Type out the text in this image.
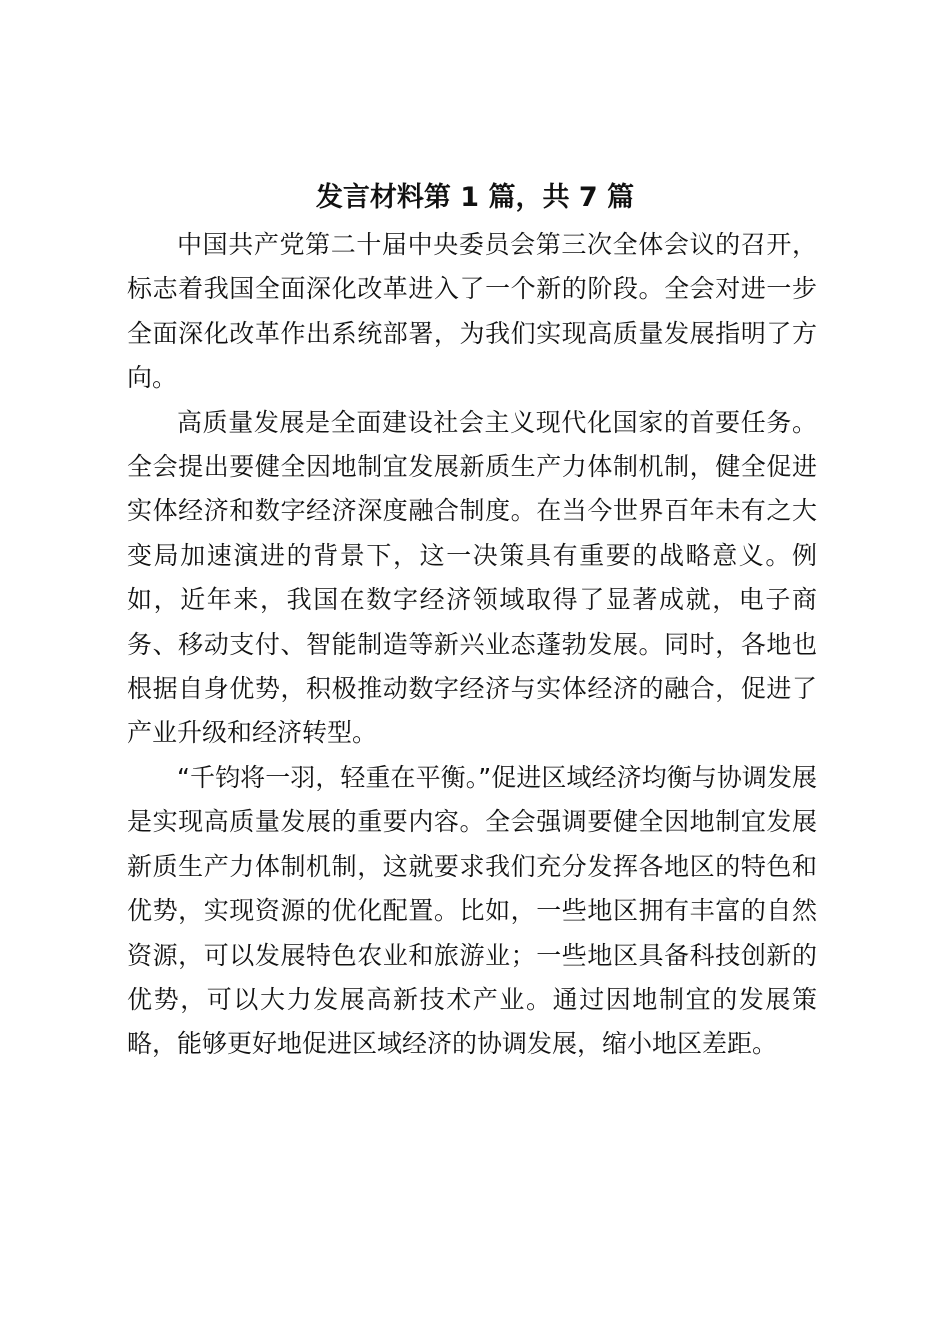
发言材料第 1 篇，共 7 篇

中国共产党第二十届中央委员会第三次全体会议的召开，标志着我国全面深化改革进入了一个新的阶段。全会对进一步全面深化改革作出系统部署，为我们实现高质量发展指明了方向。

高质量发展是全面建设社会主义现代化国家的首要任务。全会提出要健全因地制宜发展新质生产力体制机制，健全促进实体经济和数字经济深度融合制度。在当今世界百年未有之大变局加速演进的背景下，这一决策具有重要的战略意义。例如，近年来，我国在数字经济领域取得了显著成就，电子商务、移动支付、智能制造等新兴业态蓬勃发展。同时，各地也根据自身优势，积极推动数字经济与实体经济的融合，促进了产业升级和经济转型。

“千钧将一羽，轻重在平衡。”促进区域经济均衡与协调发展是实现高质量发展的重要内容。全会强调要健全因地制宜发展新质生产力体制机制，这就要求我们充分发挥各地区的特色和优势，实现资源的优化配置。比如，一些地区拥有丰富的自然资源，可以发展特色农业和旅游业；一些地区具备科技创新的优势，可以大力发展高新技术产业。通过因地制宜的发展策略，能够更好地促进区域经济的协调发展，缩小地区差距。
